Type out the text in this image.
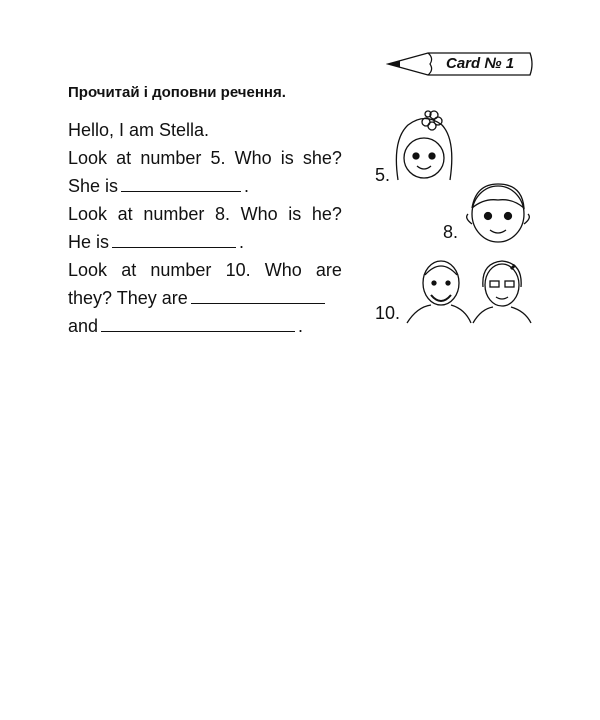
Card № 1
Прочитай і доповни речення.
Hello, I am Stella.
Look at number 5. Who is she?
She is	.
Look at number 8. Who is he?
He is	.
Look at number 10. Who are
they? They are
and	.
5.
8.
10.
